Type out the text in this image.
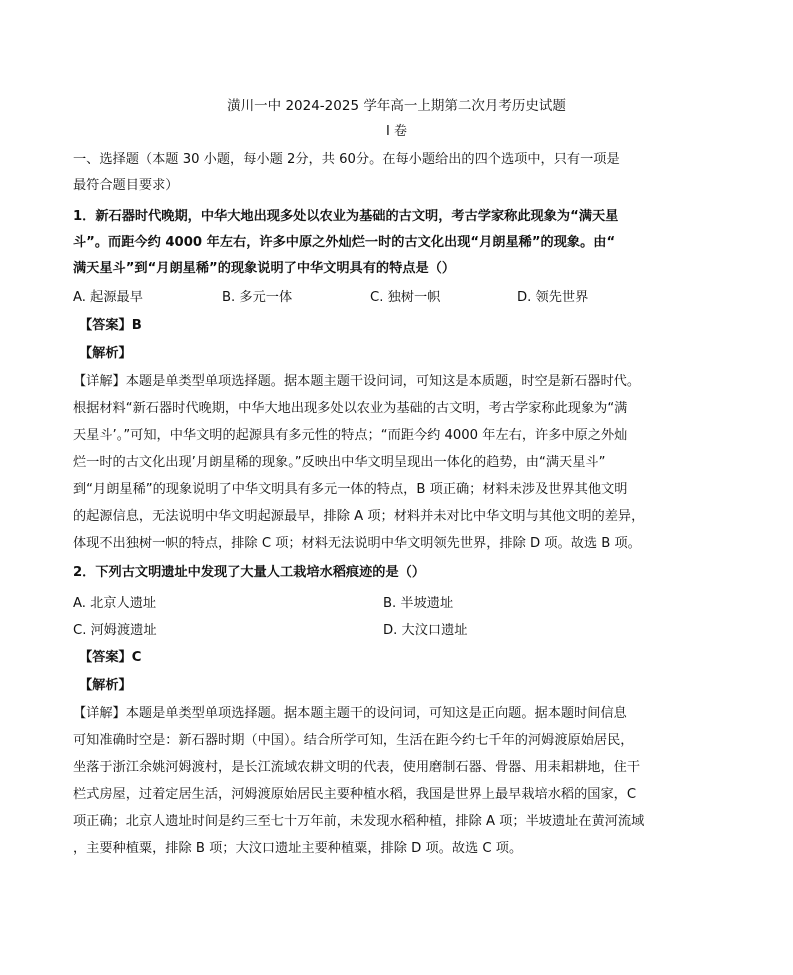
潢川一中 2024-2025 学年高一上期第二次月考历史试题
I 卷
一、选择题（本题 30 小题，每小题 2分，共 60分。在每小题给出的四个选项中，只有一项是
最符合题目要求）
1．新石器时代晚期，中华大地出现多处以农业为基础的古文明，考古学家称此现象为“满天星
斗”。而距今约 4000 年左右，许多中原之外灿烂一时的古文化出现“月朗星稀”的现象。由“
满天星斗”到“月朗星稀”的现象说明了中华文明具有的特点是（）
A. 起源最早	B. 多元一体	C. 独树一帜	D. 领先世界
【答案】B
【解析】
【详解】本题是单类型单项选择题。据本题主题干设问词，可知这是本质题，时空是新石器时代。
根据材料“新石器时代晚期，中华大地出现多处以农业为基础的古文明，考古学家称此现象为“满
天星斗’。”可知，中华文明的起源具有多元性的特点；“而距今约 4000 年左右，许多中原之外灿
烂一时的古文化出现’月朗星稀的现象。”反映出中华文明呈现出一体化的趋势，由“满天星斗”
到“月朗星稀”的现象说明了中华文明具有多元一体的特点，B 项正确；材料未涉及世界其他文明
的起源信息，无法说明中华文明起源最早，排除 A 项；材料并未对比中华文明与其他文明的差异，
体现不出独树一帜的特点，排除 C 项；材料无法说明中华文明领先世界，排除 D 项。故选 B 项。
2．下列古文明遗址中发现了大量人工栽培水稻痕迹的是（）
A. 北京人遗址	B. 半坡遗址
C. 河姆渡遗址	D. 大汶口遗址
【答案】C
【解析】
【详解】本题是单类型单项选择题。据本题主题干的设问词，可知这是正向题。据本题时间信息
可知准确时空是：新石器时期（中国）。结合所学可知，生活在距今约七千年的河姆渡原始居民，
坐落于浙江余姚河姆渡村，是长江流域农耕文明的代表，使用磨制石器、骨器、用耒耜耕地，住干
栏式房屋，过着定居生活，河姆渡原始居民主要种植水稻，我国是世界上最早栽培水稻的国家，C
项正确；北京人遗址时间是约三至七十万年前，未发现水稻种植，排除 A 项；半坡遗址在黄河流域
，主要种植粟，排除 B 项；大汶口遗址主要种植粟，排除 D 项。故选 C 项。
